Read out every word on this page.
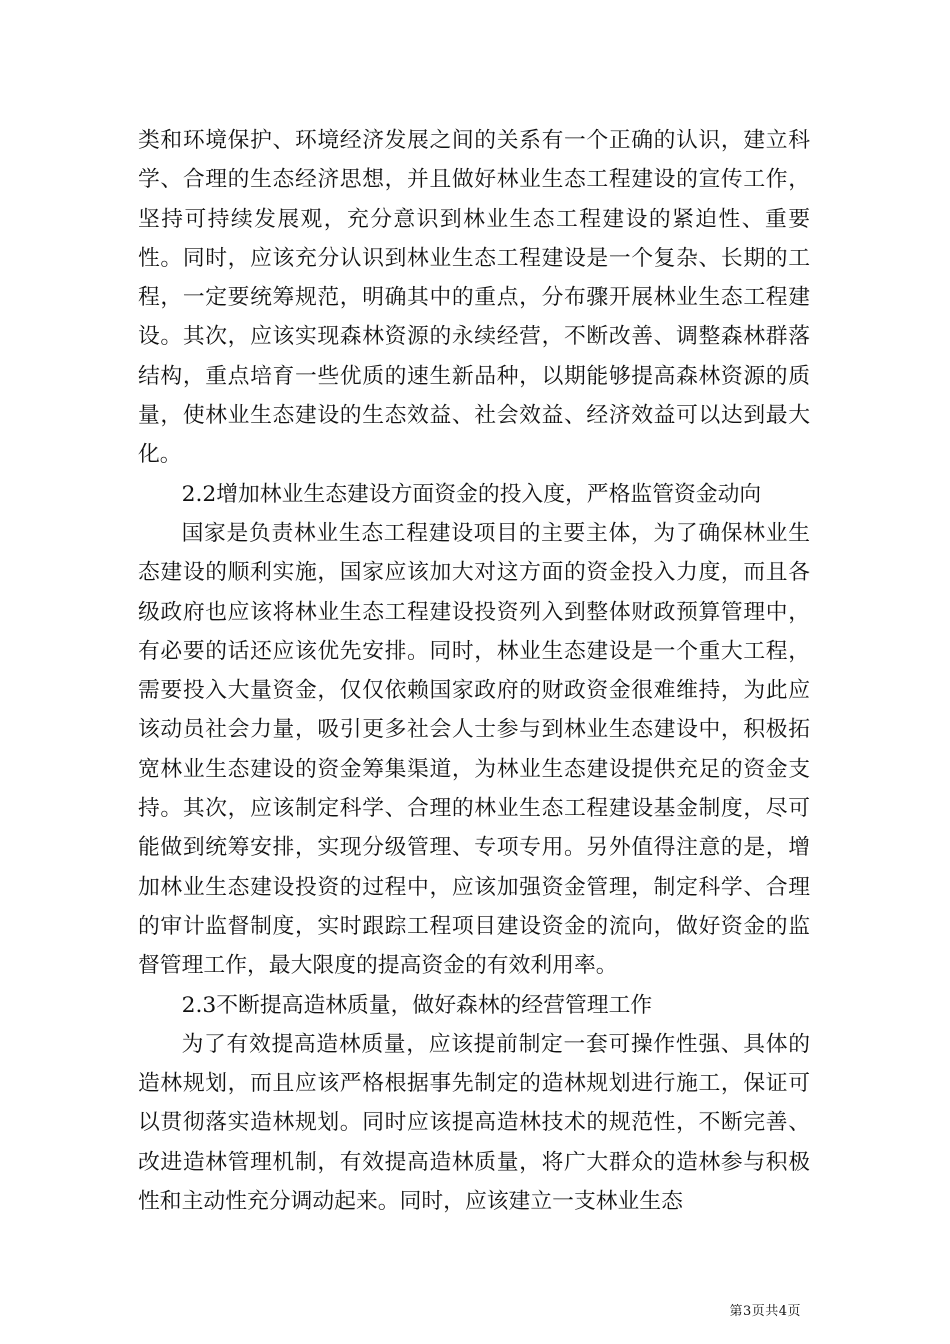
类和环境保护、环境经济发展之间的关系有一个正确的认识，建立科学、合理的生态经济思想，并且做好林业生态工程建设的宣传工作，坚持可持续发展观，充分意识到林业生态工程建设的紧迫性、重要性。同时，应该充分认识到林业生态工程建设是一个复杂、长期的工程，一定要统筹规范，明确其中的重点，分布骤开展林业生态工程建设。其次，应该实现森林资源的永续经营，不断改善、调整森林群落结构，重点培育一些优质的速生新品种，以期能够提高森林资源的质量，使林业生态建设的生态效益、社会效益、经济效益可以达到最大化。

2.2增加林业生态建设方面资金的投入度，严格监管资金动向

国家是负责林业生态工程建设项目的主要主体，为了确保林业生态建设的顺利实施，国家应该加大对这方面的资金投入力度，而且各级政府也应该将林业生态工程建设投资列入到整体财政预算管理中，有必要的话还应该优先安排。同时，林业生态建设是一个重大工程，需要投入大量资金，仅仅依赖国家政府的财政资金很难维持，为此应该动员社会力量，吸引更多社会人士参与到林业生态建设中，积极拓宽林业生态建设的资金筹集渠道，为林业生态建设提供充足的资金支持。其次，应该制定科学、合理的林业生态工程建设基金制度，尽可能做到统筹安排，实现分级管理、专项专用。另外值得注意的是，增加林业生态建设投资的过程中，应该加强资金管理，制定科学、合理的审计监督制度，实时跟踪工程项目建设资金的流向，做好资金的监督管理工作，最大限度的提高资金的有效利用率。

2.3不断提高造林质量，做好森林的经营管理工作

为了有效提高造林质量，应该提前制定一套可操作性强、具体的造林规划，而且应该严格根据事先制定的造林规划进行施工，保证可以贯彻落实造林规划。同时应该提高造林技术的规范性，不断完善、改进造林管理机制，有效提高造林质量，将广大群众的造林参与积极性和主动性充分调动起来。同时，应该建立一支林业生态

第3页共4页
